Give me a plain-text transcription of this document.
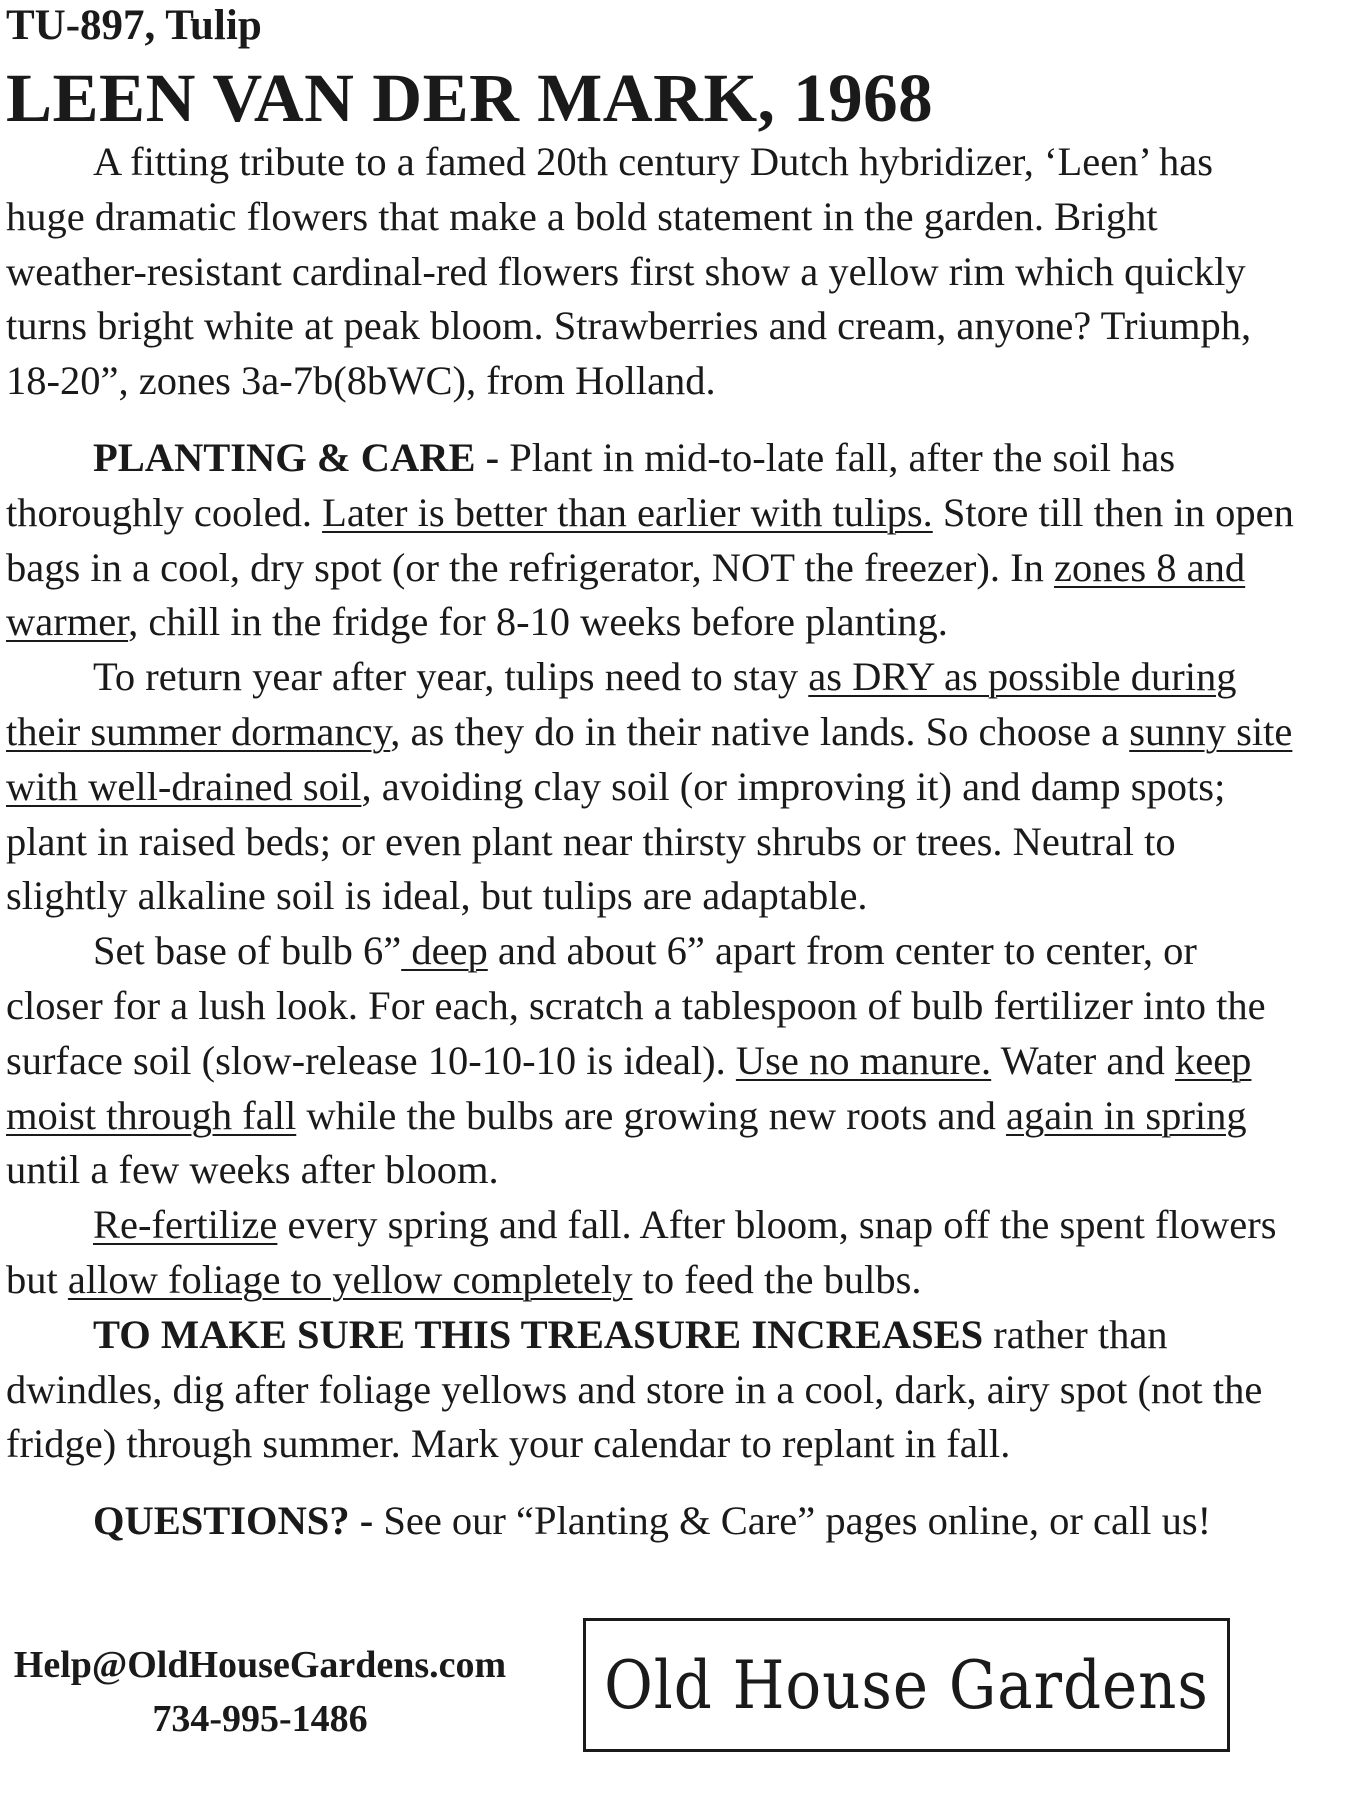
TU-897, Tulip
LEEN VAN DER MARK, 1968

A fitting tribute to a famed 20th century Dutch hybridizer, ‘Leen’ has huge dramatic flowers that make a bold statement in the garden. Bright weather-resistant cardinal-red flowers first show a yellow rim which quickly turns bright white at peak bloom. Strawberries and cream, anyone? Triumph, 18-20”, zones 3a-7b(8bWC), from Holland.

PLANTING & CARE - Plant in mid-to-late fall, after the soil has thoroughly cooled. Later is better than earlier with tulips. Store till then in open bags in a cool, dry spot (or the refrigerator, NOT the freezer). In zones 8 and warmer, chill in the fridge for 8-10 weeks before planting.

To return year after year, tulips need to stay as DRY as possible during their summer dormancy, as they do in their native lands. So choose a sunny site with well-drained soil, avoiding clay soil (or improving it) and damp spots; plant in raised beds; or even plant near thirsty shrubs or trees. Neutral to slightly alkaline soil is ideal, but tulips are adaptable.

Set base of bulb 6” deep and about 6” apart from center to center, or closer for a lush look. For each, scratch a tablespoon of bulb fertilizer into the surface soil (slow-release 10-10-10 is ideal). Use no manure. Water and keep moist through fall while the bulbs are growing new roots and again in spring until a few weeks after bloom.

Re-fertilize every spring and fall. After bloom, snap off the spent flowers but allow foliage to yellow completely to feed the bulbs.

TO MAKE SURE THIS TREASURE INCREASES rather than dwindles, dig after foliage yellows and store in a cool, dark, airy spot (not the fridge) through summer. Mark your calendar to replant in fall.

QUESTIONS? - See our “Planting & Care” pages online, or call us!

Help@OldHouseGardens.com
734-995-1486	Old House Gardens
